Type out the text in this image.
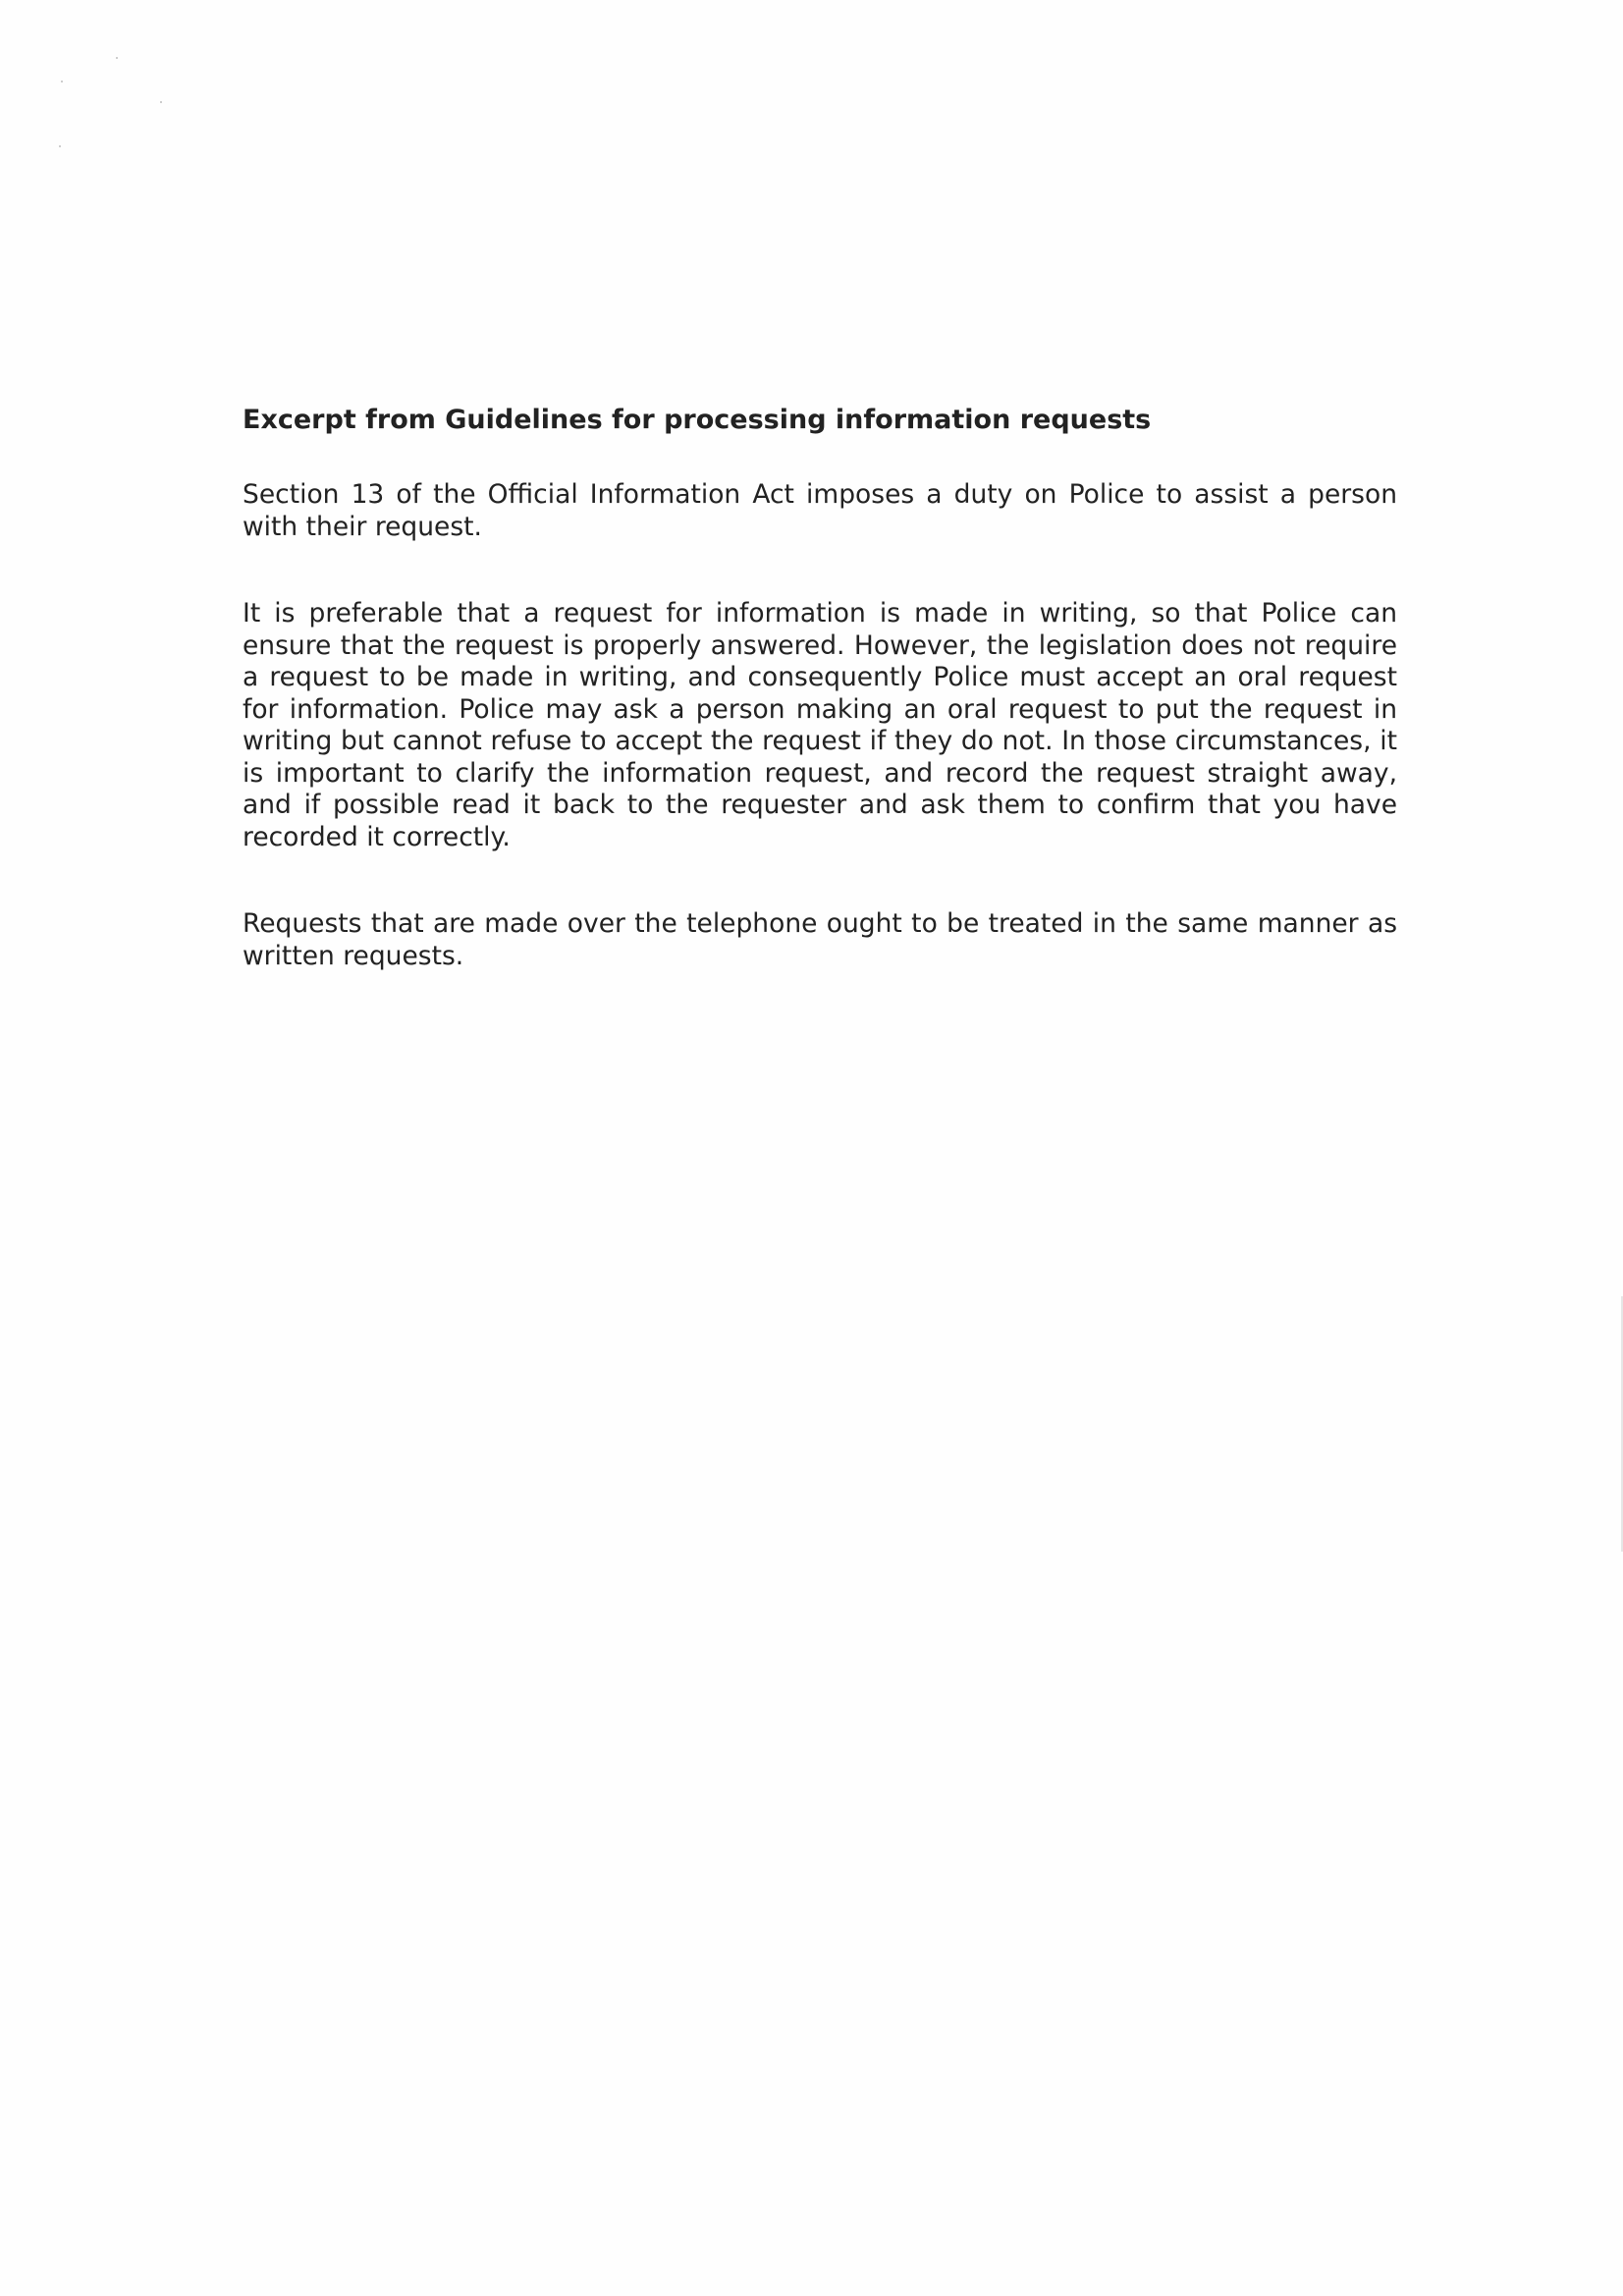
Excerpt from Guidelines for processing information requests

Section 13 of the Official Information Act imposes a duty on Police to assist a person with their request.

It is preferable that a request for information is made in writing, so that Police can ensure that the request is properly answered. However, the legislation does not require a request to be made in writing, and consequently Police must accept an oral request for information. Police may ask a person making an oral request to put the request in writing but cannot refuse to accept the request if they do not. In those circumstances, it is important to clarify the information request, and record the request straight away, and if possible read it back to the requester and ask them to confirm that you have recorded it correctly.

Requests that are made over the telephone ought to be treated in the same manner as written requests.
